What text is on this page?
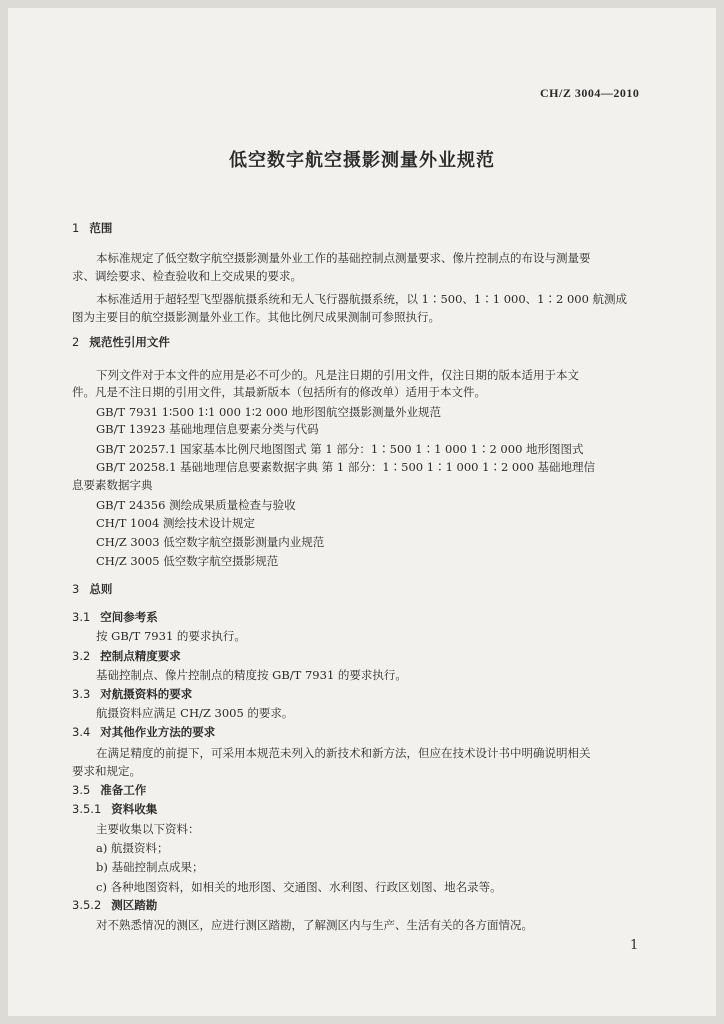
CH/Z 3004—2010
低空数字航空摄影测量外业规范
1 范围
本标准规定了低空数字航空摄影测量外业工作的基础控制点测量要求、像片控制点的布设与测量要
求、调绘要求、检查验收和上交成果的要求。
本标准适用于超轻型飞型器航摄系统和无人飞行器航摄系统，以 1∶500、1∶1 000、1∶2 000 航测成
图为主要目的航空摄影测量外业工作。其他比例尺成果测制可参照执行。
2 规范性引用文件
下列文件对于本文件的应用是必不可少的。凡是注日期的引用文件，仅注日期的版本适用于本文
件。凡是不注日期的引用文件，其最新版本（包括所有的修改单）适用于本文件。
GB/T 7931 1∶500 1∶1 000 1∶2 000 地形图航空摄影测量外业规范
GB/T 13923 基础地理信息要素分类与代码
GB/T 20257.1 国家基本比例尺地图图式 第 1 部分：1∶500 1∶1 000 1∶2 000 地形图图式
GB/T 20258.1 基础地理信息要素数据字典 第 1 部分：1∶500 1∶1 000 1∶2 000 基础地理信
息要素数据字典
GB/T 24356 测绘成果质量检查与验收
CH/T 1004 测绘技术设计规定
CH/Z 3003 低空数字航空摄影测量内业规范
CH/Z 3005 低空数字航空摄影规范
3 总则
3.1 空间参考系
按 GB/T 7931 的要求执行。
3.2 控制点精度要求
基础控制点、像片控制点的精度按 GB/T 7931 的要求执行。
3.3 对航摄资料的要求
航摄资料应满足 CH/Z 3005 的要求。
3.4 对其他作业方法的要求
在满足精度的前提下，可采用本规范未列入的新技术和新方法，但应在技术设计书中明确说明相关
要求和规定。
3.5 准备工作
3.5.1 资料收集
主要收集以下资料：
a) 航摄资料；
b) 基础控制点成果；
c) 各种地图资料，如相关的地形图、交通图、水利图、行政区划图、地名录等。
3.5.2 测区踏勘
对不熟悉情况的测区，应进行测区踏勘，了解测区内与生产、生活有关的各方面情况。
1
